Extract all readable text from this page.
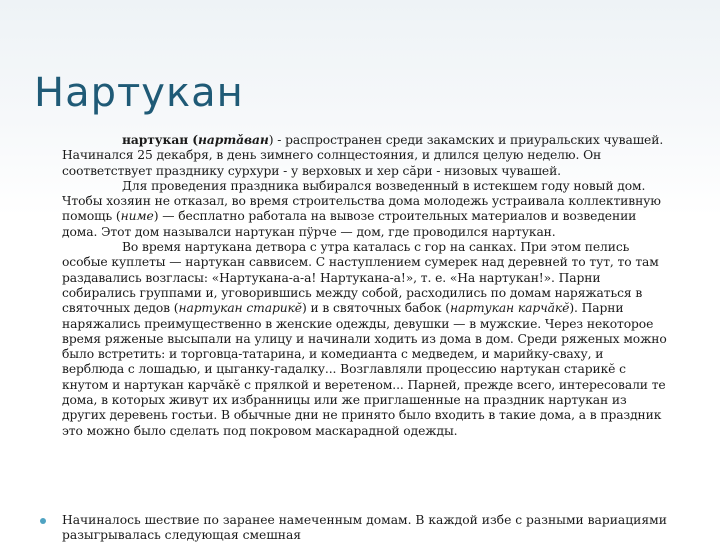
Нартукан

нартукан (нартǎван) - распространен среди закамских и приуральских чувашей. Начинался 25 декабря, в день зимнего солнцестояния, и длился целую неделю. Он соответствует празднику сурхури - у верховых и хер сăри - низовых чувашей.

Для проведения праздника выбирался возведенный в истекшем году новый дом. Чтобы хозяин не отказал, во время строительства дома молодежь устраивала коллективную помощь (ниме) — бесплатно работала на вывозе строительных материалов и возведении дома. Этот дом называлси нартукан пÿрче — дом, где проводился нартукан.

Во время нартукана детвора с утра каталась с гор на санках. При этом пелись особые куплеты — нартукан саввисем. С наступлением сумерек над деревней то тут, то там раздавались возгласы: «Нартукана-а-а! Нартукана-а!», т. е. «На нартукан!». Парни собирались группами и, уговорившись между собой, расходились по домам наряжаться в святочных дедов (нартукан старикĕ) и в святочных бабок (нартукан карчăкĕ). Парни наряжались преимущественно в женские одежды, девушки — в мужские. Через некоторое время ряженые высыпали на улицу и начинали ходить из дома в дом. Среди ряженых можно было встретить: и торговца-татарина, и комедианта с медведем, и марийку-сваху, и верблюда с лошадью, и цыганку-гадалку... Возглавляли процессию нартукан старикĕ с кнутом и нартукан карчăкĕ с прялкой и веретеном... Парней, прежде всего, интересовали те дома, в которых живут их избранницы или же приглашенные на праздник нартукан из других деревень гостьи. В обычные дни не принято было входить в такие дома, а в праздник это можно было сделать под покровом маскарадной одежды.

Начиналось шествие по заранее намеченным домам. В каждой избе с разными вариациями разыгрывалась следующая смешная
